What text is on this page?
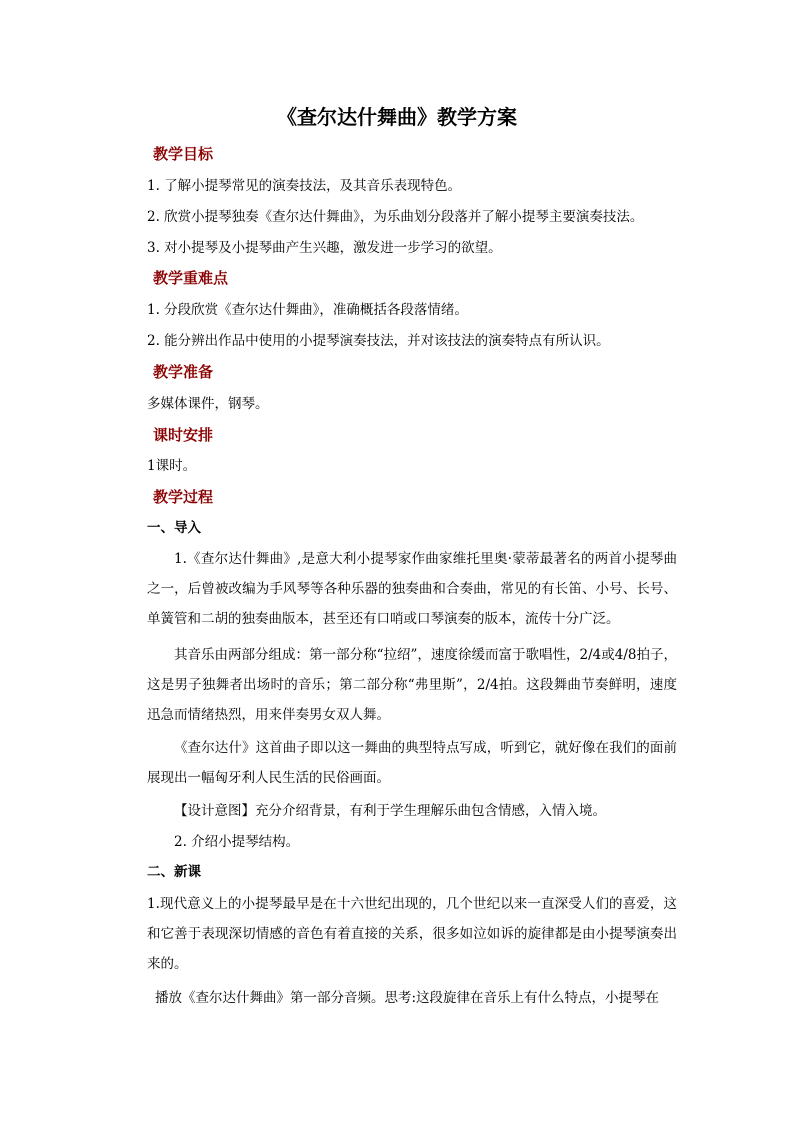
《查尔达什舞曲》教学方案
教学目标
1. 了解小提琴常见的演奏技法，及其音乐表现特色。
2. 欣赏小提琴独奏《查尔达什舞曲》，为乐曲划分段落并了解小提琴主要演奏技法。
3. 对小提琴及小提琴曲产生兴趣，激发进一步学习的欲望。
教学重难点
1. 分段欣赏《查尔达什舞曲》，准确概括各段落情绪。
2. 能分辨出作品中使用的小提琴演奏技法，并对该技法的演奏特点有所认识。
教学准备
多媒体课件，钢琴。
课时安排
1课时。
教学过程
一、导入
1.《查尔达什舞曲》,是意大利小提琴家作曲家维托里奥·蒙蒂最著名的两首小提琴曲之一，后曾被改编为手风琴等各种乐器的独奏曲和合奏曲，常见的有长笛、小号、长号、单簧管和二胡的独奏曲版本，甚至还有口哨或口琴演奏的版本，流传十分广泛。
其音乐由两部分组成：第一部分称“拉绍”，速度徐缓而富于歌唱性，2/4或4/8拍子，这是男子独舞者出场时的音乐；第二部分称“弗里斯”，2/4拍。这段舞曲节奏鲜明，速度迅急而情绪热烈，用来伴奏男女双人舞。
《查尔达什》这首曲子即以这一舞曲的典型特点写成，听到它，就好像在我们的面前展现出一幅匈牙利人民生活的民俗画面。
【设计意图】充分介绍背景，有利于学生理解乐曲包含情感，入情入境。
2. 介绍小提琴结构。
二、新课
1.现代意义上的小提琴最早是在十六世纪出现的，几个世纪以来一直深受人们的喜爱，这和它善于表现深切情感的音色有着直接的关系，很多如泣如诉的旋律都是由小提琴演奏出来的。
播放《查尔达什舞曲》第一部分音频。思考:这段旋律在音乐上有什么特点，小提琴在
